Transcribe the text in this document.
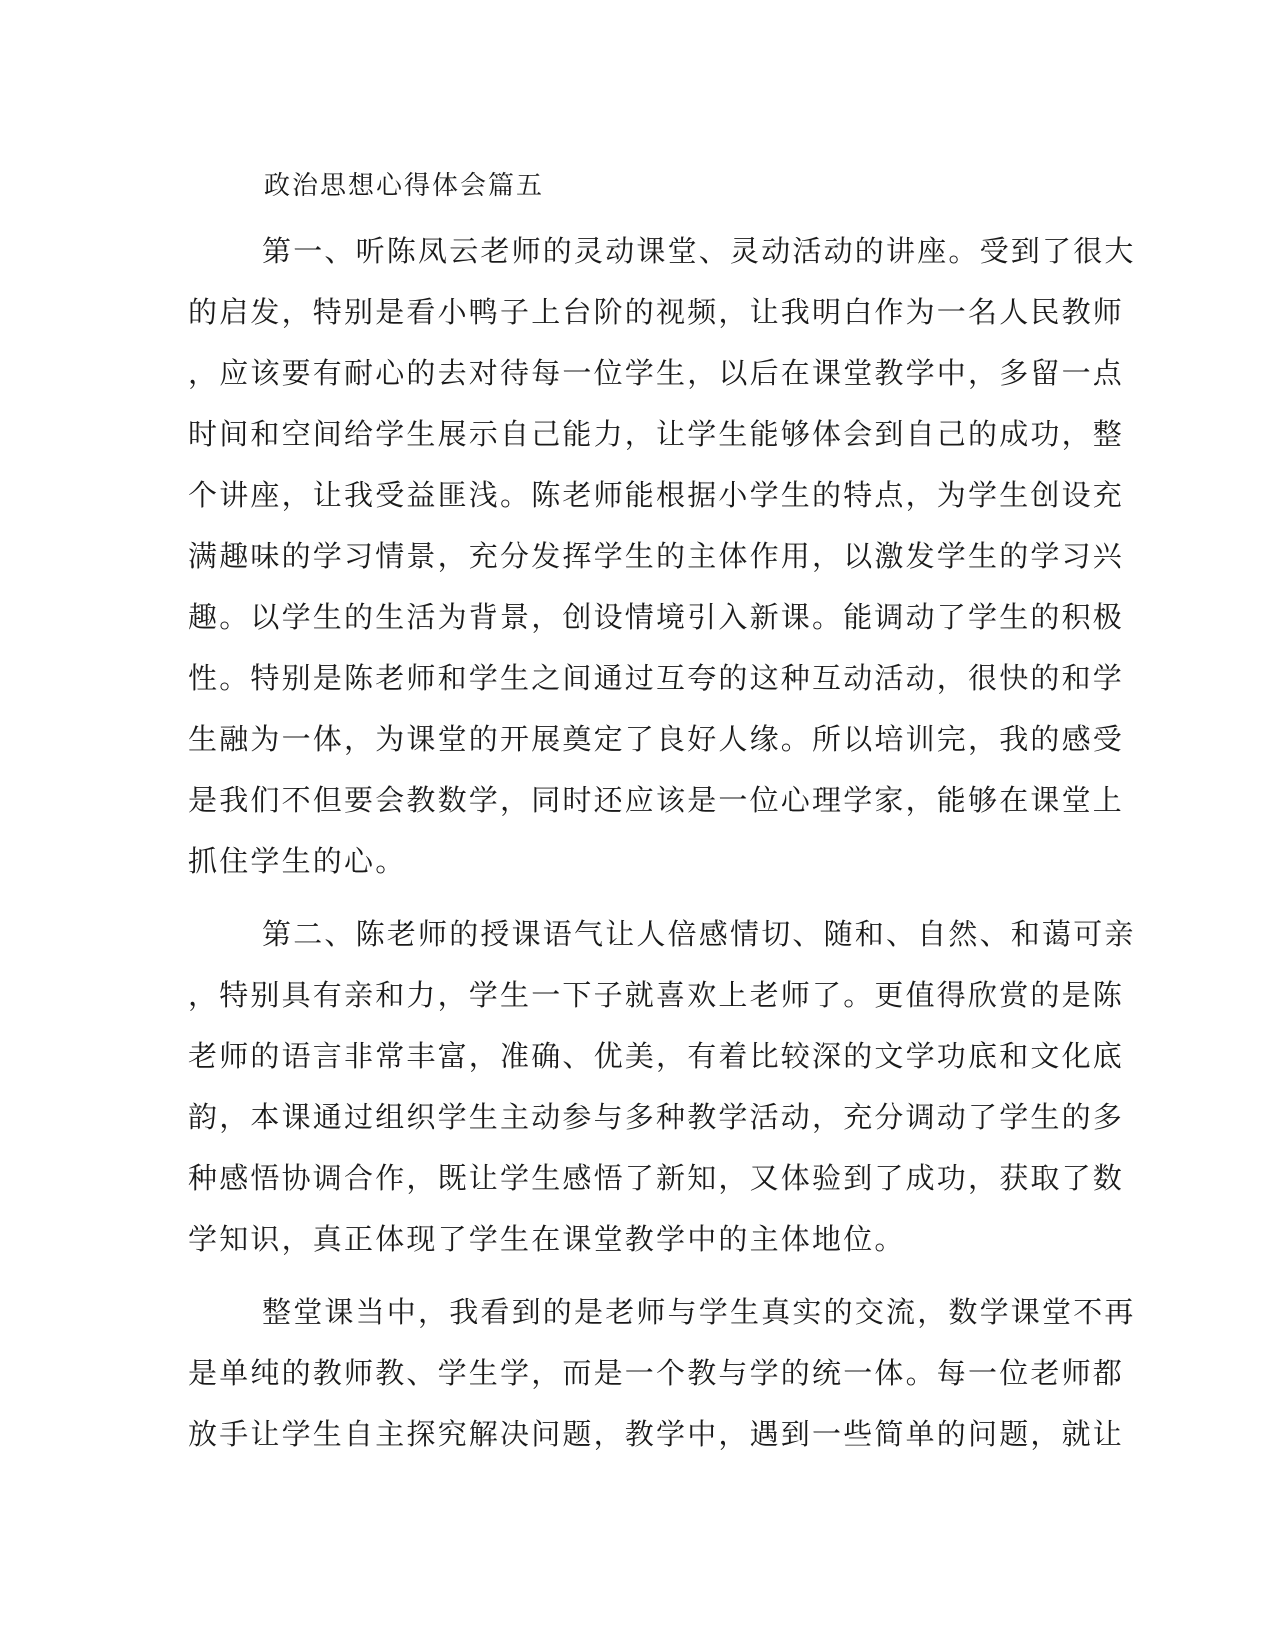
政治思想心得体会篇五
第一、听陈凤云老师的灵动课堂、灵动活动的讲座。受到了很大
的启发，特别是看小鸭子上台阶的视频，让我明白作为一名人民教师
，应该要有耐心的去对待每一位学生，以后在课堂教学中，多留一点
时间和空间给学生展示自己能力，让学生能够体会到自己的成功，整
个讲座，让我受益匪浅。陈老师能根据小学生的特点，为学生创设充
满趣味的学习情景，充分发挥学生的主体作用，以激发学生的学习兴
趣。以学生的生活为背景，创设情境引入新课。能调动了学生的积极
性。特别是陈老师和学生之间通过互夸的这种互动活动，很快的和学
生融为一体，为课堂的开展奠定了良好人缘。所以培训完，我的感受
是我们不但要会教数学，同时还应该是一位心理学家，能够在课堂上
抓住学生的心。
第二、陈老师的授课语气让人倍感情切、随和、自然、和蔼可亲
，特别具有亲和力，学生一下子就喜欢上老师了。更值得欣赏的是陈
老师的语言非常丰富，准确、优美，有着比较深的文学功底和文化底
韵，本课通过组织学生主动参与多种教学活动，充分调动了学生的多
种感悟协调合作，既让学生感悟了新知，又体验到了成功，获取了数
学知识，真正体现了学生在课堂教学中的主体地位。
整堂课当中，我看到的是老师与学生真实的交流，数学课堂不再
是单纯的教师教、学生学，而是一个教与学的统一体。每一位老师都
放手让学生自主探究解决问题，教学中，遇到一些简单的问题，就让
